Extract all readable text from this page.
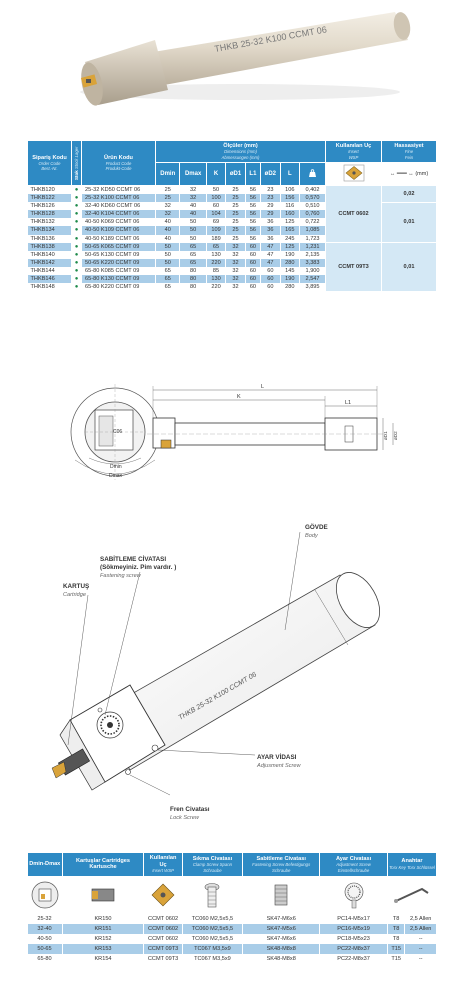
THKB 25-32 K100 CCMT 06
Sipariş Kodu
Order Code
Best.-Nr.	Stok Stock Lager	Ürün Kodu
Product Code
Produkt-Code	Ölçüler (mm)
Dimensions (mm)
Abmessungen (mm)								Kullanılan Uç
Insert
WSP	Hassasiyet
Fine
Fein

			Dmin	Dmax	K	øD1	L1	øD2	L			↔ ━━━ ↔ (mm)
THKB120	●	25-32 KD50 CCMT 06	25	32	50	25	56	23	106	0,402	CCMT 0602	0,02
THKB122	●	25-32 K100 CCMT 06	25	32	100	25	56	23	156	0,570		
THKB126	●	32-40 KD60 CCMT 06	32	40	60	25	56	29	116	0,510		0,01
THKB128	●	32-40 K104 CCMT 06	32	40	104	25	56	29	160	0,760		
THKB132	●	40-50 K069 CCMT 06	40	50	69	25	56	36	125	0,722		
THKB134	●	40-50 K109 CCMT 06	40	50	109	25	56	36	165	1,085		
THKB136	●	40-50 K189 CCMT 06	40	50	189	25	56	36	245	1,723		
THKB138	●	50-65 K065 CCMT 09	50	65	65	32	60	47	125	1,231	CCMT 09T3	0,01
THKB140	●	50-65 K130 CCMT 09	50	65	130	32	60	47	190	2,135		
THKB142	●	50-65 K220 CCMT 09	50	65	220	32	60	47	280	3,383		
THKB144	●	65-80 K085 CCMT 09	65	80	85	32	60	60	145	1,900		
THKB146	●	65-80 K130 CCMT 09	65	80	130	32	60	60	190	2,547		
THKB148	●	65-80 K220 CCMT 09	65	80	220	32	60	60	280	3,895		
C06
Dmin
Dmax
L
K
L1
øD1 øD2
THKB 25-32 K100 CCMT 06
GÖVDE
Body
SABİTLEME CİVATASI
(Sökmeyiniz. Pim vardır. )
Fastening screw
KARTUŞ
Cartridge
AYAR VİDASI
Adjusment Screw
Fren Civatası
Lock Screw
Dmin-Dmax	Kartuşlar Cartridges Kartusche	Kullanılan Uç
Insert WSP	Sıkma Civatası
Clamp Screw Spann Schraube	Sabitleme Civatası
Fastening Screw Befestigungs Schraube	Ayar Civatası
Adjustment Screw Einstellschraube	Anahtar
Torx Key Torx Schlüssel	

25-32	KR150	CCMT 0602	TC060 M2,5x5,5	SK47-M6x6	PC14-M5x17	T8	2,5 Allen
32-40	KR151	CCMT 0602	TC060 M2,5x5,5	SK47-M5x6	PC16-M5x19	T8	2,5 Allen
40-50	KR152	CCMT 0602	TC060 M2,5x5,5	SK47-M6x6	PC18-M5x23	T8	--
50-65	KR153	CCMT 09T3	TC067 M3,5x9	SK48-M8x8	PC22-M8x37	T15	--
65-80	KR154	CCMT 09T3	TC067 M3,5x9	SK48-M8x8	PC22-M8x37	T15	--
